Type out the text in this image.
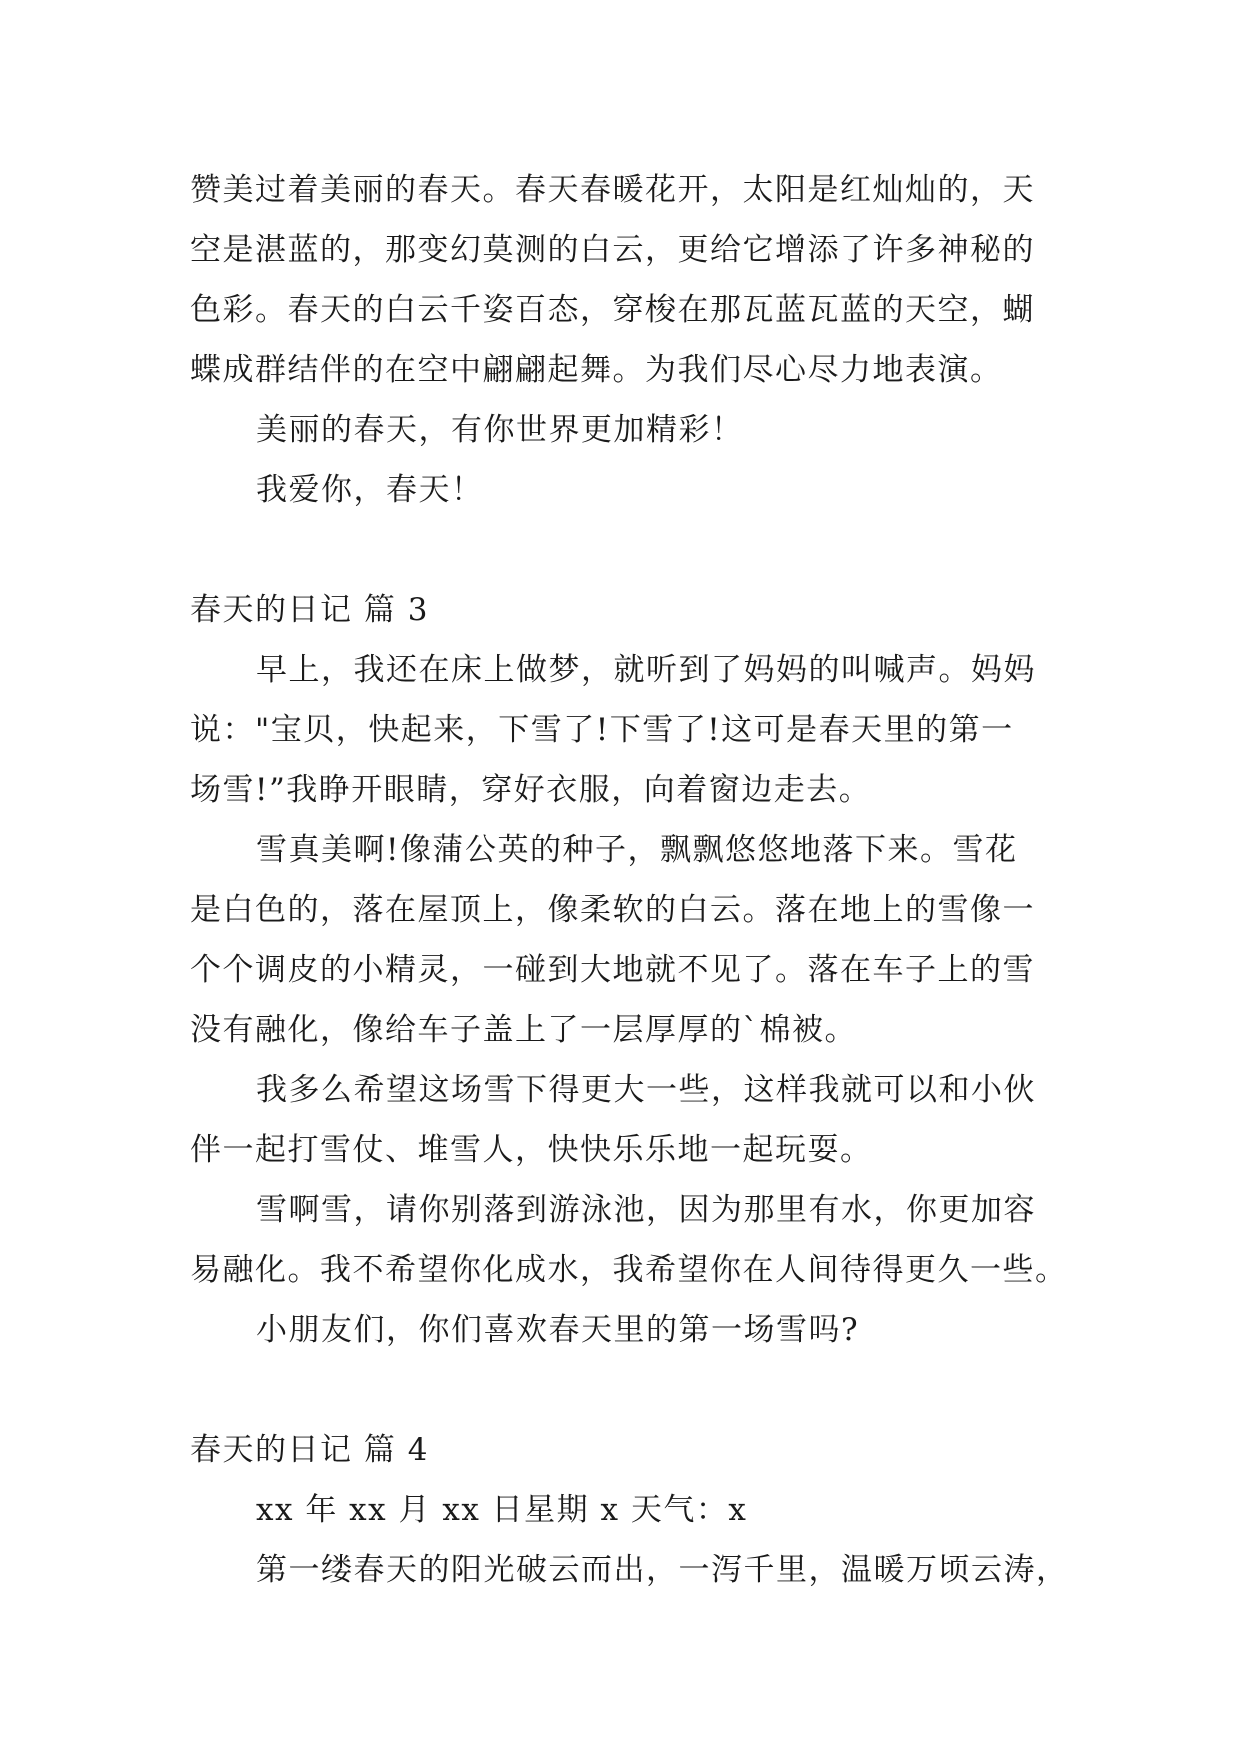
赞美过着美丽的春天。春天春暖花开，太阳是红灿灿的，天
空是湛蓝的，那变幻莫测的白云，更给它增添了许多神秘的
色彩。春天的白云千姿百态，穿梭在那瓦蓝瓦蓝的天空，蝴
蝶成群结伴的在空中翩翩起舞。为我们尽心尽力地表演。
美丽的春天，有你世界更加精彩！
我爱你，春天！
春天的日记 篇 3
早上，我还在床上做梦，就听到了妈妈的叫喊声。妈妈
说："宝贝，快起来，下雪了!下雪了!这可是春天里的第一
场雪!”我睁开眼睛，穿好衣服，向着窗边走去。
雪真美啊!像蒲公英的种子，飘飘悠悠地落下来。雪花
是白色的，落在屋顶上，像柔软的白云。落在地上的雪像一
个个调皮的小精灵，一碰到大地就不见了。落在车子上的雪
没有融化，像给车子盖上了一层厚厚的`棉被。
我多么希望这场雪下得更大一些，这样我就可以和小伙
伴一起打雪仗、堆雪人，快快乐乐地一起玩耍。
雪啊雪，请你别落到游泳池，因为那里有水，你更加容
易融化。我不希望你化成水，我希望你在人间待得更久一些。
小朋友们，你们喜欢春天里的第一场雪吗?
春天的日记 篇 4
xx 年 xx 月 xx 日星期 x 天气：x
第一缕春天的阳光破云而出，一泻千里，温暖万顷云涛，
